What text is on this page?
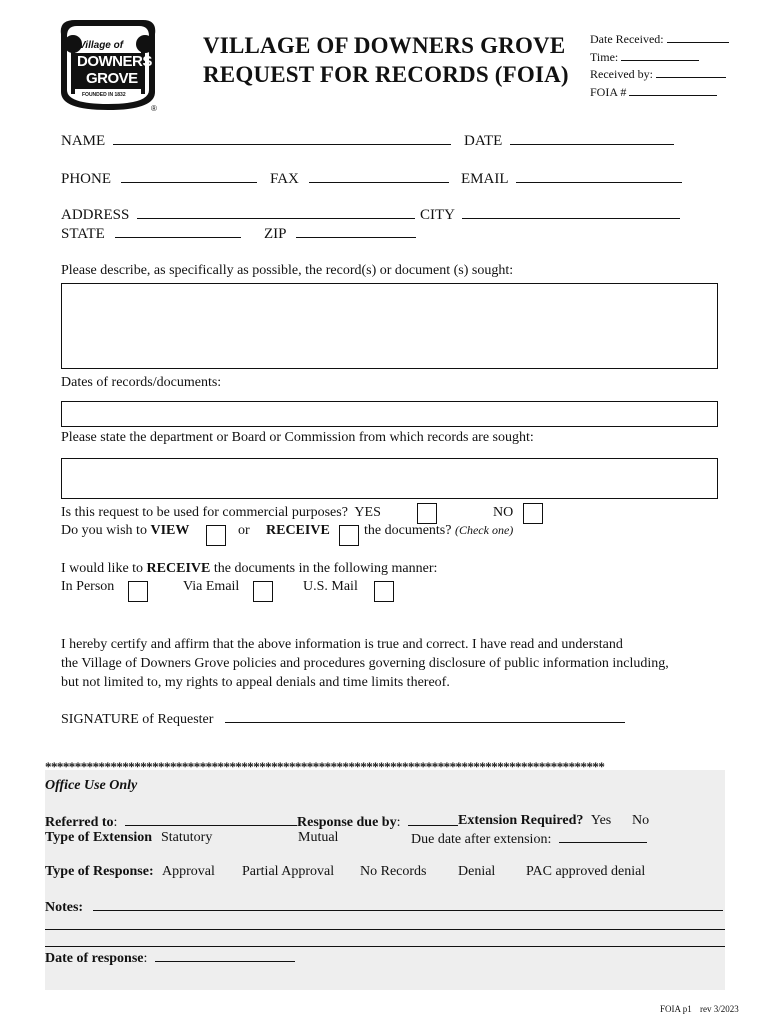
Village of
DOWNERS
GROVE
FOUNDED IN 1832
®
VILLAGE OF DOWNERS GROVE
REQUEST FOR RECORDS (FOIA)
Date Received:
Time:
Received by:
FOIA #
NAME	DATE
PHONE	FAX	EMAIL
ADDRESS	CITY
STATE	ZIP
Please describe, as specifically as possible, the record(s) or document (s) sought:
Dates of records/documents:
Please state the department or Board or Commission from which records are sought:
Is this request to be used for commercial purposes? YES	NO
Do you wish to VIEW	or RECEIVE the documents? (Check one)
I would like to RECEIVE the documents in the following manner:
In Person	Via Email	U.S. Mail
I hereby certify and affirm that the above information is true and correct. I have read and understand
the Village of Downers Grove policies and procedures governing disclosure of public information including,
but not limited to, my rights to appeal denials and time limits thereof.
SIGNATURE of Requester
**********************************************************************************************
Office Use Only
Referred to:	Response due by:	Extension Required? Yes No
Type of Extension Statutory	Mutual	Due date after extension:
Type of Response: Approval Partial Approval No Records Denial PAC approved denial
Notes:
Date of response:
FOIA p1 rev 3/2023
